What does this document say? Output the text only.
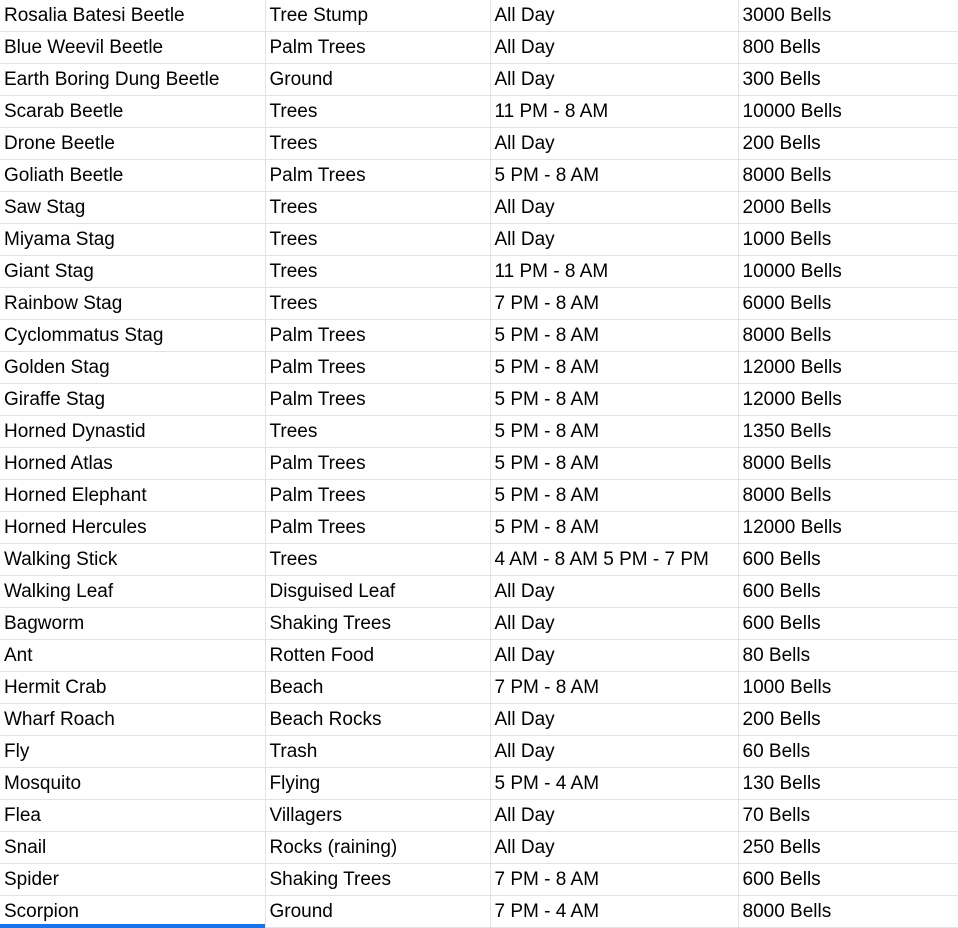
Rosalia Batesi Beetle	Tree Stump	All Day	3000 Bells
Blue Weevil Beetle	Palm Trees	All Day	800 Bells
Earth Boring Dung Beetle	Ground	All Day	300 Bells
Scarab Beetle	Trees	11 PM - 8 AM	10000 Bells
Drone Beetle	Trees	All Day	200 Bells
Goliath Beetle	Palm Trees	5 PM - 8 AM	8000 Bells
Saw Stag	Trees	All Day	2000 Bells
Miyama Stag	Trees	All Day	1000 Bells
Giant Stag	Trees	11 PM - 8 AM	10000 Bells
Rainbow Stag	Trees	7 PM - 8 AM	6000 Bells
Cyclommatus Stag	Palm Trees	5 PM - 8 AM	8000 Bells
Golden Stag	Palm Trees	5 PM - 8 AM	12000 Bells
Giraffe Stag	Palm Trees	5 PM - 8 AM	12000 Bells
Horned Dynastid	Trees	5 PM - 8 AM	1350 Bells
Horned Atlas	Palm Trees	5 PM - 8 AM	8000 Bells
Horned Elephant	Palm Trees	5 PM - 8 AM	8000 Bells
Horned Hercules	Palm Trees	5 PM - 8 AM	12000 Bells
Walking Stick	Trees	4 AM - 8 AM 5 PM - 7 PM	600 Bells
Walking Leaf	Disguised Leaf	All Day	600 Bells
Bagworm	Shaking Trees	All Day	600 Bells
Ant	Rotten Food	All Day	80 Bells
Hermit Crab	Beach	7 PM - 8 AM	1000 Bells
Wharf Roach	Beach Rocks	All Day	200 Bells
Fly	Trash	All Day	60 Bells
Mosquito	Flying	5 PM - 4 AM	130 Bells
Flea	Villagers	All Day	70 Bells
Snail	Rocks (raining)	All Day	250 Bells
Spider	Shaking Trees	7 PM - 8 AM	600 Bells
Scorpion	Ground	7 PM - 4 AM	8000 Bells
